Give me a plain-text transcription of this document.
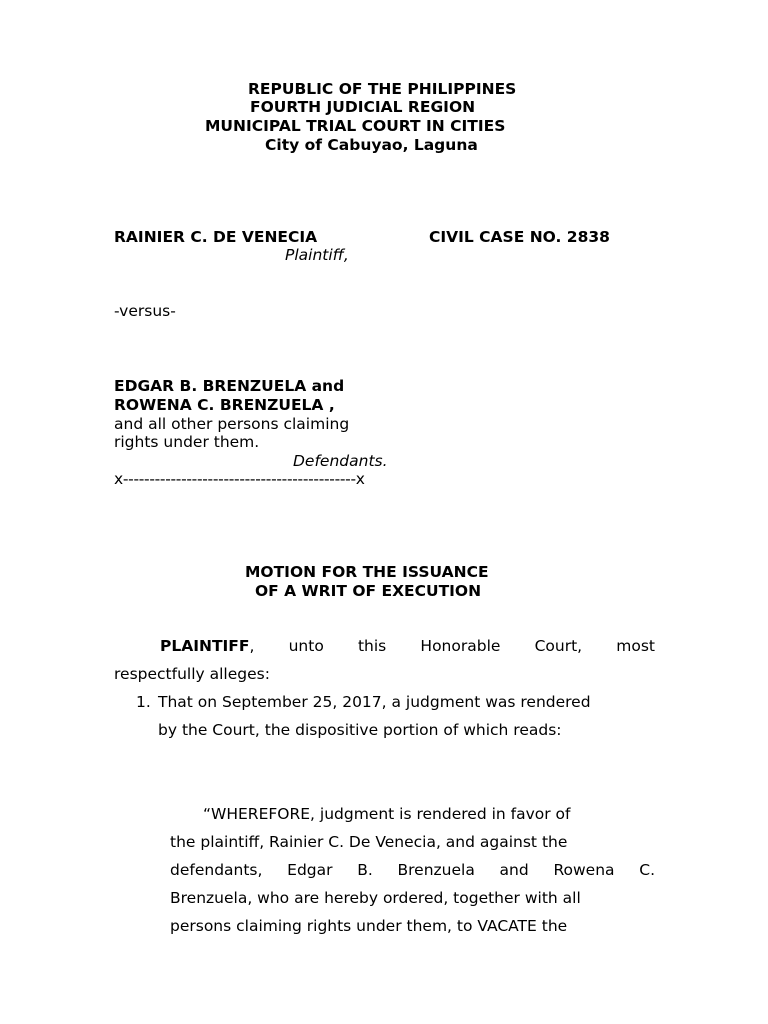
REPUBLIC OF THE PHILIPPINES
FOURTH JUDICIAL REGION
MUNICIPAL TRIAL COURT IN CITIES
City of Cabuyao, Laguna
RAINIER C. DE VENECIA	CIVIL CASE NO. 2838
Plaintiff,
-versus-
EDGAR B. BRENZUELA and
ROWENA C. BRENZUELA ,
and all other persons claiming
rights under them.
Defendants.
x--------------------------------------------x
MOTION FOR THE ISSUANCE
OF A WRIT OF EXECUTION
PLAINTIFF, unto this Honorable Court, most
respectfully alleges:
1. That on September 25, 2017, a judgment was rendered
by the Court, the dispositive portion of which reads:
“WHEREFORE, judgment is rendered in favor of
the plaintiff, Rainier C. De Venecia, and against the
defendants, Edgar B. Brenzuela and Rowena C.
Brenzuela, who are hereby ordered, together with all
persons claiming rights under them, to VACATE the
